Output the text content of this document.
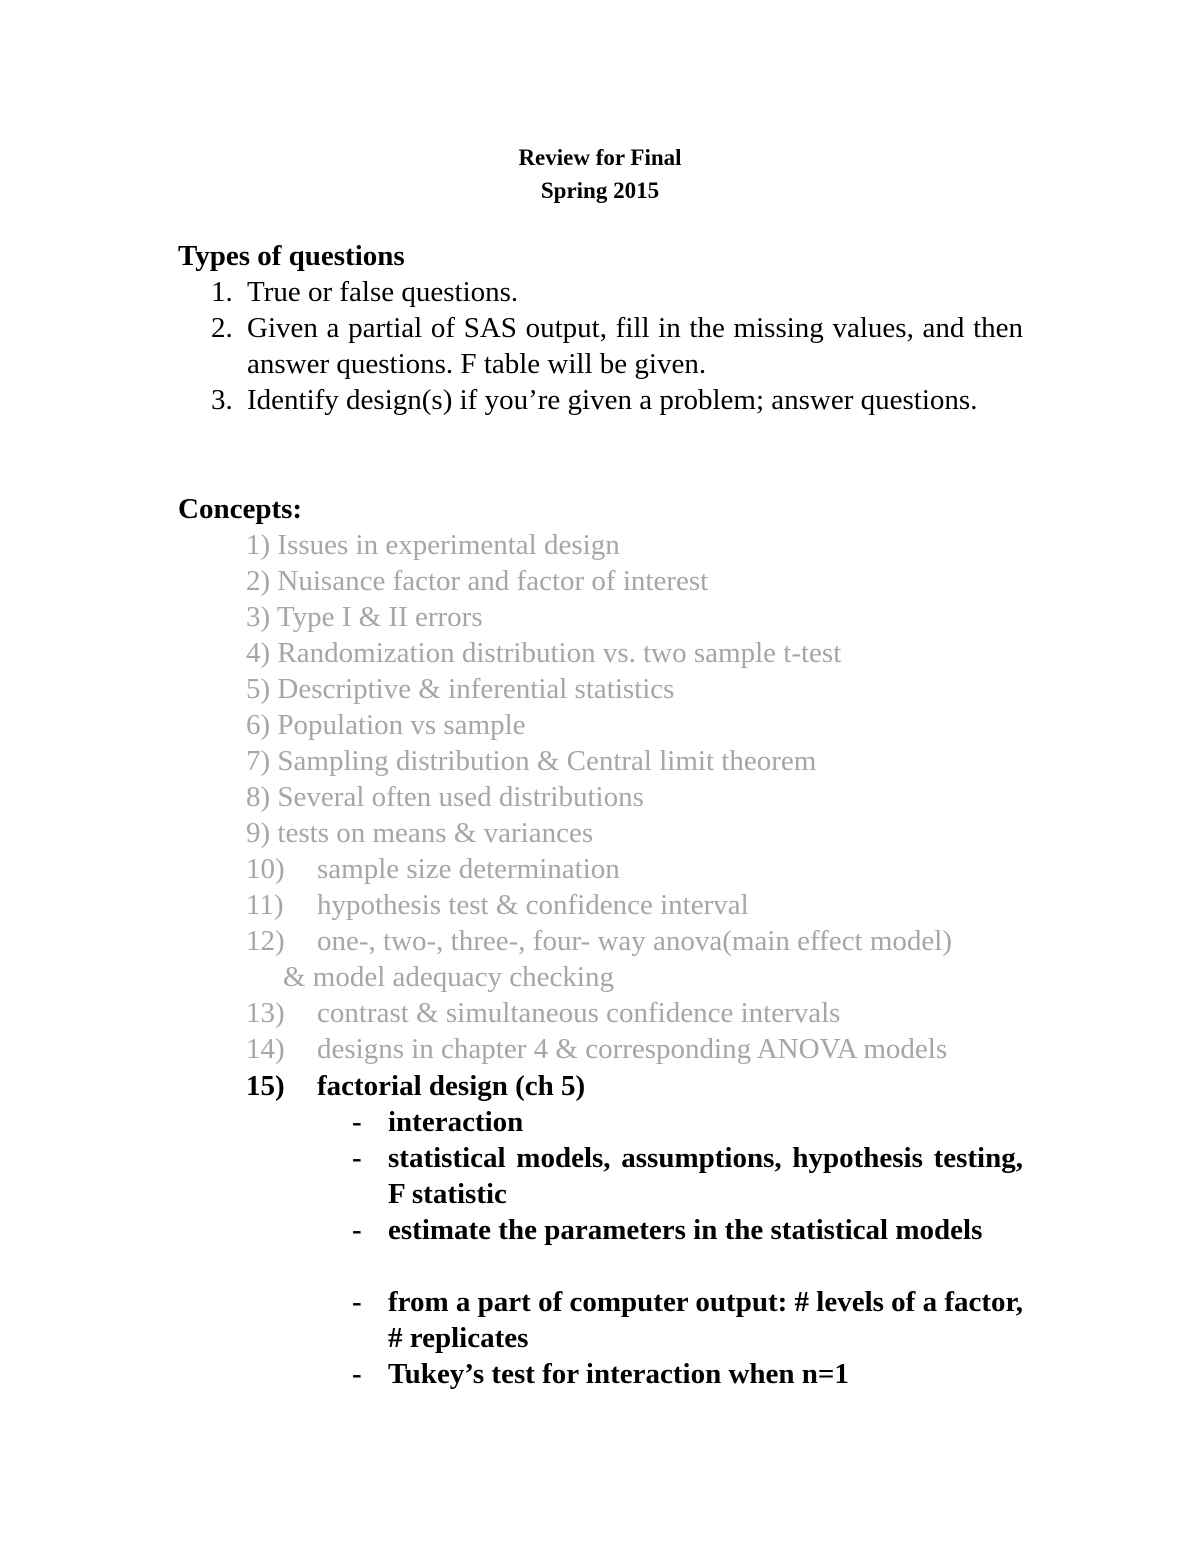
Review for Final
Spring 2015
Types of questions
1. True or false questions.
2. Given a partial of SAS output, fill in the missing values, and then answer questions. F table will be given.
3. Identify design(s) if you’re given a problem; answer questions.
Concepts:
1) Issues in experimental design
2) Nuisance factor and factor of interest
3) Type I & II errors
4) Randomization distribution vs. two sample t-test
5) Descriptive & inferential statistics
6) Population vs sample
7) Sampling distribution & Central limit theorem
8) Several often used distributions
9) tests on means & variances
10) sample size determination
11) hypothesis test & confidence interval
12) one-, two-, three-, four- way anova(main effect model)
& model adequacy checking
13) contrast & simultaneous confidence intervals
14) designs in chapter 4 & corresponding ANOVA models
15) factorial design (ch 5)
- interaction
- statistical models, assumptions, hypothesis testing, F statistic
- estimate the parameters in the statistical models
- from a part of computer output: # levels of a factor, # replicates
- Tukey’s test for interaction when n=1
